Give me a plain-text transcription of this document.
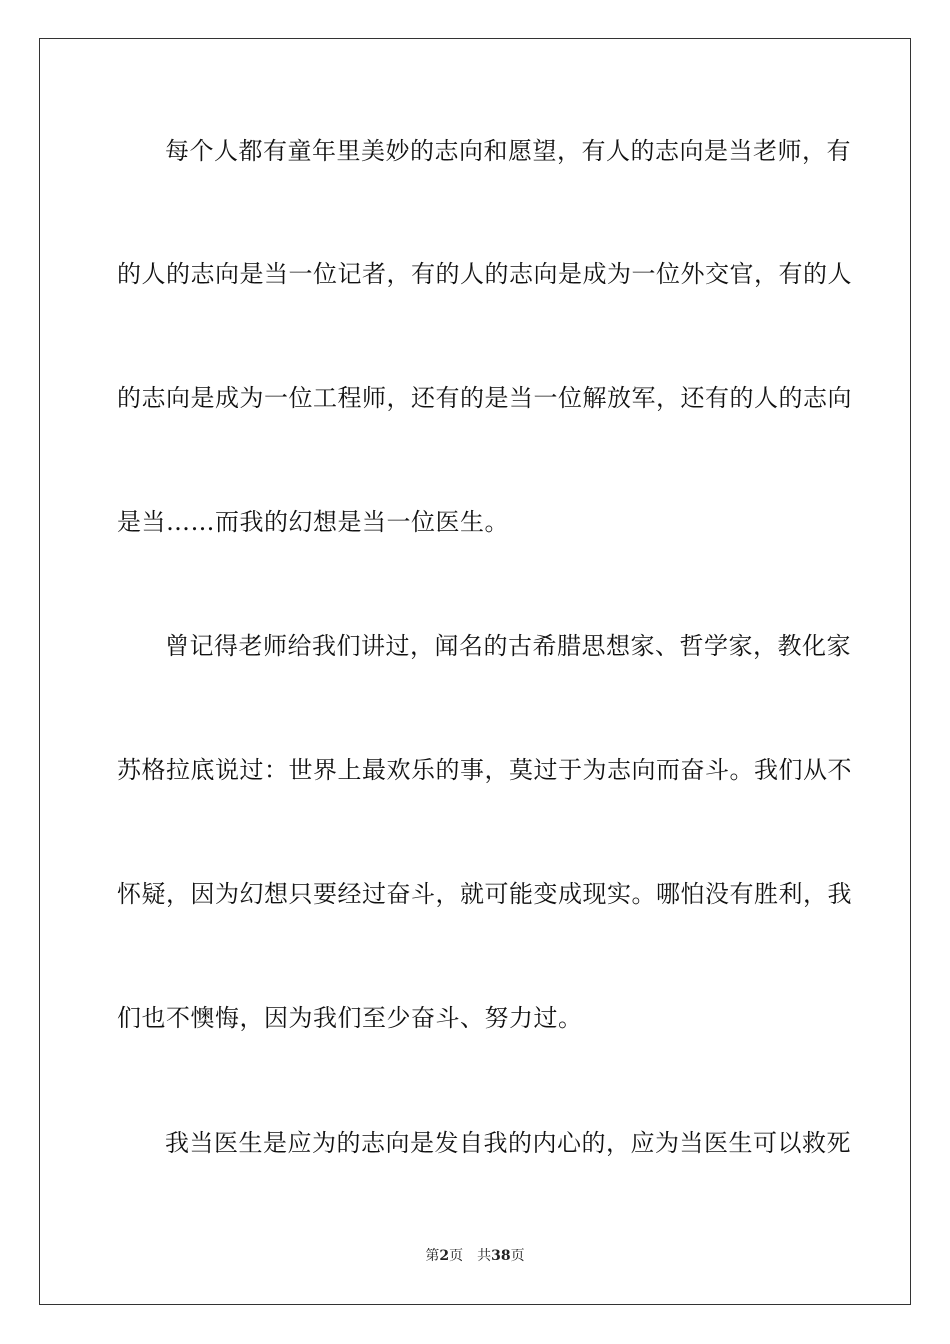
每个人都有童年里美妙的志向和愿望，有人的志向是当老师，有
的人的志向是当一位记者，有的人的志向是成为一位外交官，有的人
的志向是成为一位工程师，还有的是当一位解放军，还有的人的志向
是当……而我的幻想是当一位医生。
曾记得老师给我们讲过，闻名的古希腊思想家、哲学家，教化家
苏格拉底说过：世界上最欢乐的事，莫过于为志向而奋斗。我们从不
怀疑，因为幻想只要经过奋斗，就可能变成现实。哪怕没有胜利，我
们也不懊悔，因为我们至少奋斗、努力过。
我当医生是应为的志向是发自我的内心的，应为当医生可以救死
第2页 共38页
